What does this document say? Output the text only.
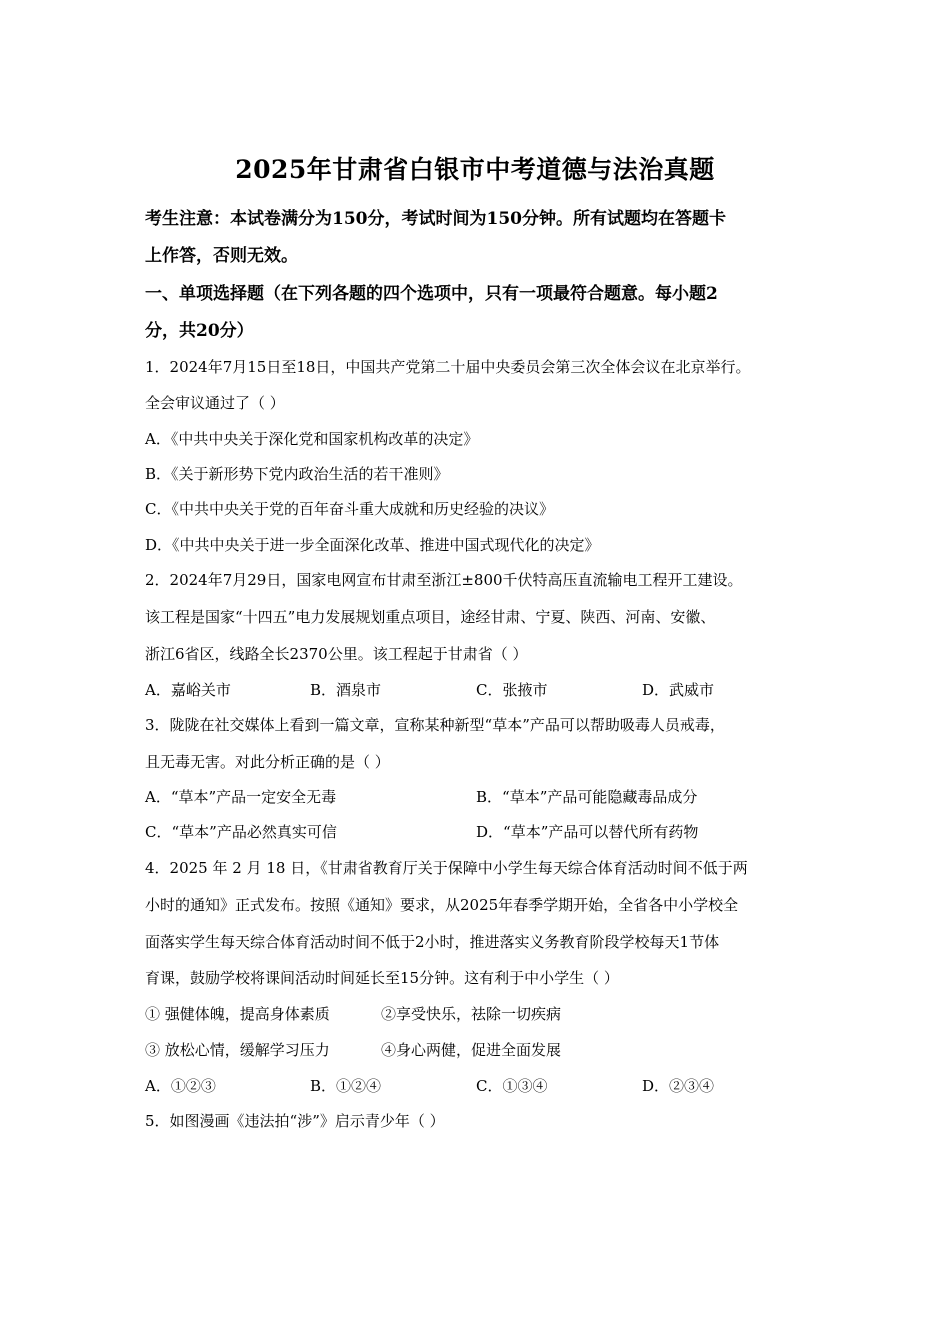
2025年甘肃省白银市中考道德与法治真题
考生注意：本试卷满分为150分，考试时间为150分钟。所有试题均在答题卡
上作答，否则无效。
一、单项选择题（在下列各题的四个选项中，只有一项最符合题意。每小题2
分，共20分）
1．2024年7月15日至18日，中国共产党第二十届中央委员会第三次全体会议在北京举行。
全会审议通过了（ ）
A．《中共中央关于深化党和国家机构改革的决定》
B．《关于新形势下党内政治生活的若干准则》
C．《中共中央关于党的百年奋斗重大成就和历史经验的决议》
D．《中共中央关于进一步全面深化改革、推进中国式现代化的决定》
2．2024年7月29日，国家电网宣布甘肃至浙江±800千伏特高压直流输电工程开工建设。
该工程是国家“十四五”电力发展规划重点项目，途经甘肃、宁夏、陕西、河南、安徽、
浙江6省区，线路全长2370公里。该工程起于甘肃省（ ）
A．嘉峪关市	B．酒泉市	C．张掖市	D．武威市
3．陇陇在社交媒体上看到一篇文章，宣称某种新型“草本”产品可以帮助吸毒人员戒毒，
且无毒无害。对此分析正确的是（ ）
A．“草本”产品一定安全无毒	B．“草本”产品可能隐藏毒品成分
C．“草本”产品必然真实可信	D．“草本”产品可以替代所有药物
4．2025 年 2 月 18 日，《甘肃省教育厅关于保障中小学生每天综合体育活动时间不低于两
小时的通知》正式发布。按照《通知》要求，从2025年春季学期开始，全省各中小学校全
面落实学生每天综合体育活动时间不低于2小时，推进落实义务教育阶段学校每天1节体
育课，鼓励学校将课间活动时间延长至15分钟。这有利于中小学生（ ）
① 强健体魄，提高身体素质	②享受快乐，祛除一切疾病
③ 放松心情，缓解学习压力	④身心两健，促进全面发展
A．①②③	B．①②④	C．①③④	D．②③④
5．如图漫画《违法拍“涉”》启示青少年（ ）
